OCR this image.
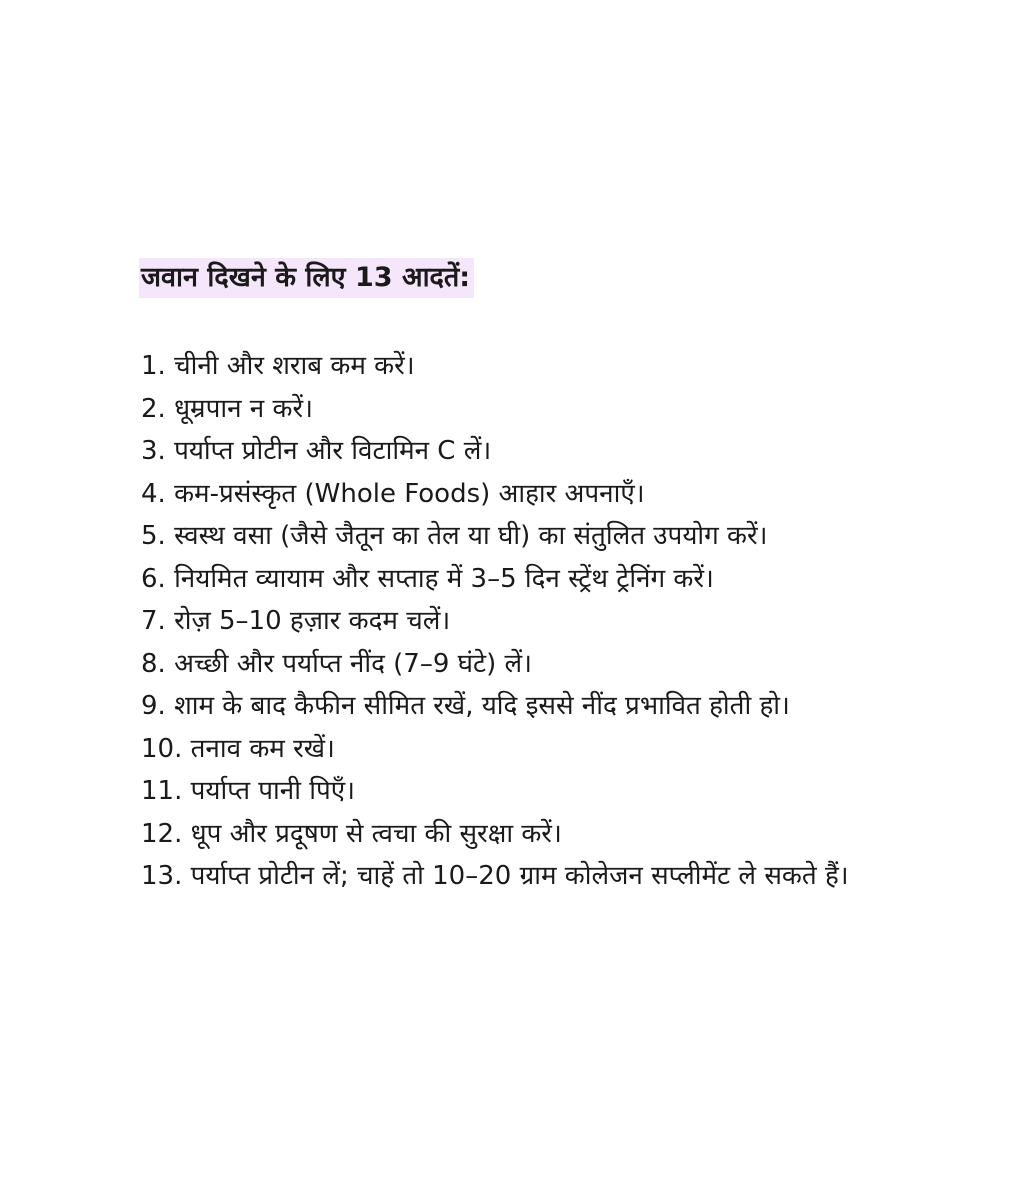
जवान दिखने के लिए 13 आदतें:
1. चीनी और शराब कम करें।
2. धूम्रपान न करें।
3. पर्याप्त प्रोटीन और विटामिन C लें।
4. कम-प्रसंस्कृत (Whole Foods) आहार अपनाएँ।
5. स्वस्थ वसा (जैसे जैतून का तेल या घी) का संतुलित उपयोग करें।
6. नियमित व्यायाम और सप्ताह में 3–5 दिन स्ट्रेंथ ट्रेनिंग करें।
7. रोज़ 5–10 हज़ार कदम चलें।
8. अच्छी और पर्याप्त नींद (7–9 घंटे) लें।
9. शाम के बाद कैफीन सीमित रखें, यदि इससे नींद प्रभावित होती हो।
10. तनाव कम रखें।
11. पर्याप्त पानी पिएँ।
12. धूप और प्रदूषण से त्वचा की सुरक्षा करें।
13. पर्याप्त प्रोटीन लें; चाहें तो 10–20 ग्राम कोलेजन सप्लीमेंट ले सकते हैं।
